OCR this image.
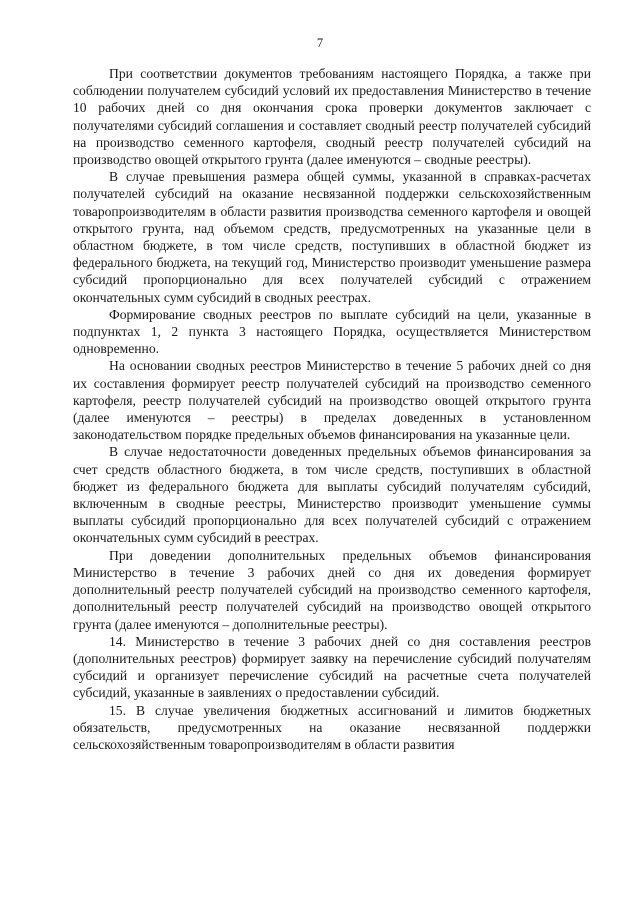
7

При соответствии документов требованиям настоящего Порядка, а также при соблюдении получателем субсидий условий их предоставления Министерство в течение 10 рабочих дней со дня окончания срока проверки документов заключает с получателями субсидий соглашения и составляет сводный реестр получателей субсидий на производство семенного картофеля, сводный реестр получателей субсидий на производство овощей открытого грунта (далее именуются – сводные реестры).

В случае превышения размера общей суммы, указанной в справках-расчетах получателей субсидий на оказание несвязанной поддержки сельскохозяйственным товаропроизводителям в области развития производства семенного картофеля и овощей открытого грунта, над объемом средств, предусмотренных на указанные цели в областном бюджете, в том числе средств, поступивших в областной бюджет из федерального бюджета, на текущий год, Министерство производит уменьшение размера субсидий пропорционально для всех получателей субсидий с отражением окончательных сумм субсидий в сводных реестрах.

Формирование сводных реестров по выплате субсидий на цели, указанные в подпунктах 1, 2 пункта 3 настоящего Порядка, осуществляется Министерством одновременно.

На основании сводных реестров Министерство в течение 5 рабочих дней со дня их составления формирует реестр получателей субсидий на производство семенного картофеля, реестр получателей субсидий на производство овощей открытого грунта (далее именуются – реестры) в пределах доведенных в установленном законодательством порядке предельных объемов финансирования на указанные цели.

В случае недостаточности доведенных предельных объемов финансирования за счет средств областного бюджета, в том числе средств, поступивших в областной бюджет из федерального бюджета для выплаты субсидий получателям субсидий, включенным в сводные реестры, Министерство производит уменьшение суммы выплаты субсидий пропорционально для всех получателей субсидий с отражением окончательных сумм субсидий в реестрах.

При доведении дополнительных предельных объемов финансирования Министерство в течение 3 рабочих дней со дня их доведения формирует дополнительный реестр получателей субсидий на производство семенного картофеля, дополнительный реестр получателей субсидий на производство овощей открытого грунта (далее именуются – дополнительные реестры).

14. Министерство в течение 3 рабочих дней со дня составления реестров (дополнительных реестров) формирует заявку на перечисление субсидий получателям субсидий и организует перечисление субсидий на расчетные счета получателей субсидий, указанные в заявлениях о предоставлении субсидий.

15. В случае увеличения бюджетных ассигнований и лимитов бюджетных обязательств, предусмотренных на оказание несвязанной поддержки сельскохозяйственным товаропроизводителям в области развития
